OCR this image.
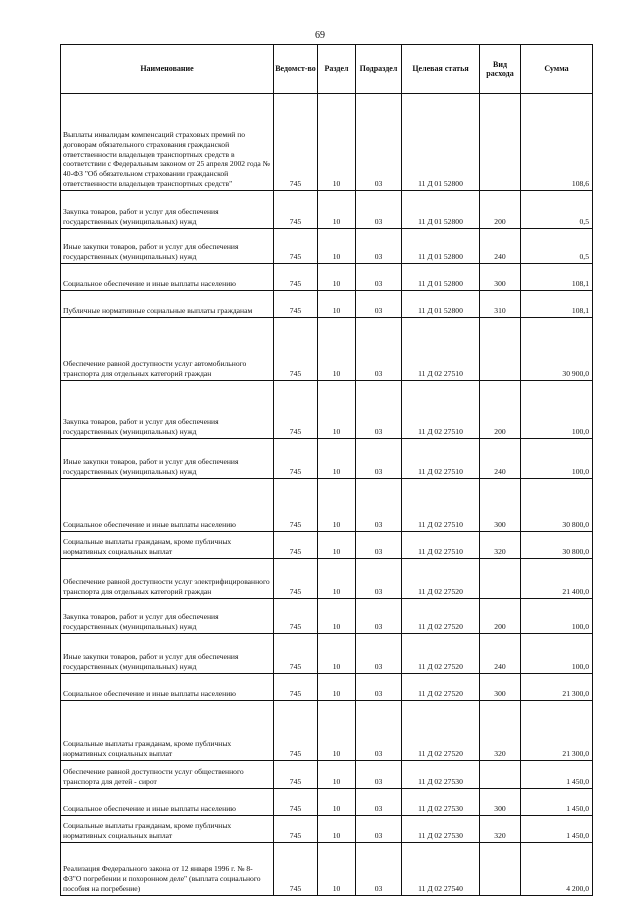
69
Наименование	Ведомст-во	Раздел	Подраздел	Целевая статья	Вид расхода	Сумма
Выплаты инвалидам компенсаций страховых премий по договорам обязательного страхования гражданской ответственности владельцев транспортных средств в соответствии с Федеральным законом от 25 апреля 2002 года № 40-ФЗ "Об обязательном страховании гражданской ответственности владельцев транспортных средств"	745	10	03	11 Д 01 52800		108,6
Закупка товаров, работ и услуг для обеспечения государственных (муниципальных) нужд	745	10	03	11 Д 01 52800	200	0,5
Иные закупки товаров, работ и услуг для обеспечения государственных (муниципальных) нужд	745	10	03	11 Д 01 52800	240	0,5
Социальное обеспечение и иные выплаты населению	745	10	03	11 Д 01 52800	300	108,1
Публичные нормативные социальные выплаты гражданам	745	10	03	11 Д 01 52800	310	108,1
Обеспечение равной доступности услуг автомобильного транспорта для отдельных категорий граждан	745	10	03	11 Д 02 27510		30 900,0
Закупка товаров, работ и услуг для обеспечения государственных (муниципальных) нужд	745	10	03	11 Д 02 27510	200	100,0
Иные закупки товаров, работ и услуг для обеспечения государственных (муниципальных) нужд	745	10	03	11 Д 02 27510	240	100,0
Социальное обеспечение и иные выплаты населению	745	10	03	11 Д 02 27510	300	30 800,0
Социальные выплаты гражданам, кроме публичных нормативных социальных выплат	745	10	03	11 Д 02 27510	320	30 800,0
Обеспечение равной доступности услуг электрифицированного транспорта для отдельных категорий граждан	745	10	03	11 Д 02 27520		21 400,0
Закупка товаров, работ и услуг для обеспечения государственных (муниципальных) нужд	745	10	03	11 Д 02 27520	200	100,0
Иные закупки товаров, работ и услуг для обеспечения государственных (муниципальных) нужд	745	10	03	11 Д 02 27520	240	100,0
Социальное обеспечение и иные выплаты населению	745	10	03	11 Д 02 27520	300	21 300,0
Социальные выплаты гражданам, кроме публичных нормативных социальных выплат	745	10	03	11 Д 02 27520	320	21 300,0
Обеспечение равной доступности услуг общественного транспорта для детей - сирот	745	10	03	11 Д 02 27530		1 450,0
Социальное обеспечение и иные выплаты населению	745	10	03	11 Д 02 27530	300	1 450,0
Социальные выплаты гражданам, кроме публичных нормативных социальных выплат	745	10	03	11 Д 02 27530	320	1 450,0
Реализация Федерального закона от 12 января 1996 г. № 8-ФЗ"О погребении и похоронном деле" (выплата социального пособия на погребение)	745	10	03	11 Д 02 27540		4 200,0
